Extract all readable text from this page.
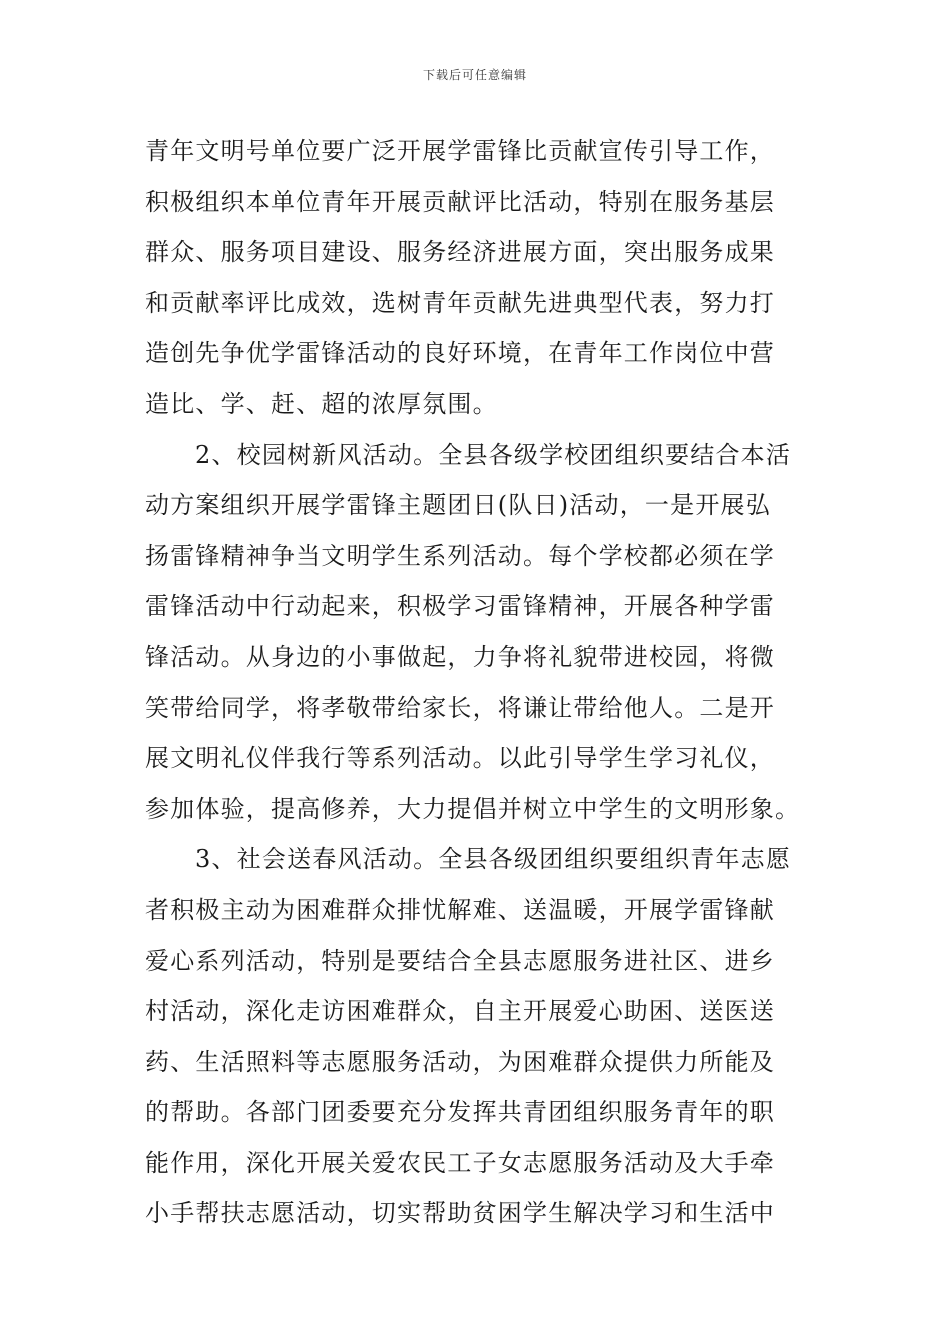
下载后可任意编辑
青年文明号单位要广泛开展学雷锋比贡献宣传引导工作，
积极组织本单位青年开展贡献评比活动，特别在服务基层
群众、服务项目建设、服务经济进展方面，突出服务成果
和贡献率评比成效，选树青年贡献先进典型代表，努力打
造创先争优学雷锋活动的良好环境，在青年工作岗位中营
造比、学、赶、超的浓厚氛围。
2、校园树新风活动。全县各级学校团组织要结合本活
动方案组织开展学雷锋主题团日(队日)活动，一是开展弘
扬雷锋精神争当文明学生系列活动。每个学校都必须在学
雷锋活动中行动起来，积极学习雷锋精神，开展各种学雷
锋活动。从身边的小事做起，力争将礼貌带进校园，将微
笑带给同学，将孝敬带给家长，将谦让带给他人。二是开
展文明礼仪伴我行等系列活动。以此引导学生学习礼仪，
参加体验，提高修养，大力提倡并树立中学生的文明形象。
3、社会送春风活动。全县各级团组织要组织青年志愿
者积极主动为困难群众排忧解难、送温暖，开展学雷锋献
爱心系列活动，特别是要结合全县志愿服务进社区、进乡
村活动，深化走访困难群众，自主开展爱心助困、送医送
药、生活照料等志愿服务活动，为困难群众提供力所能及
的帮助。各部门团委要充分发挥共青团组织服务青年的职
能作用，深化开展关爱农民工子女志愿服务活动及大手牵
小手帮扶志愿活动，切实帮助贫困学生解决学习和生活中
